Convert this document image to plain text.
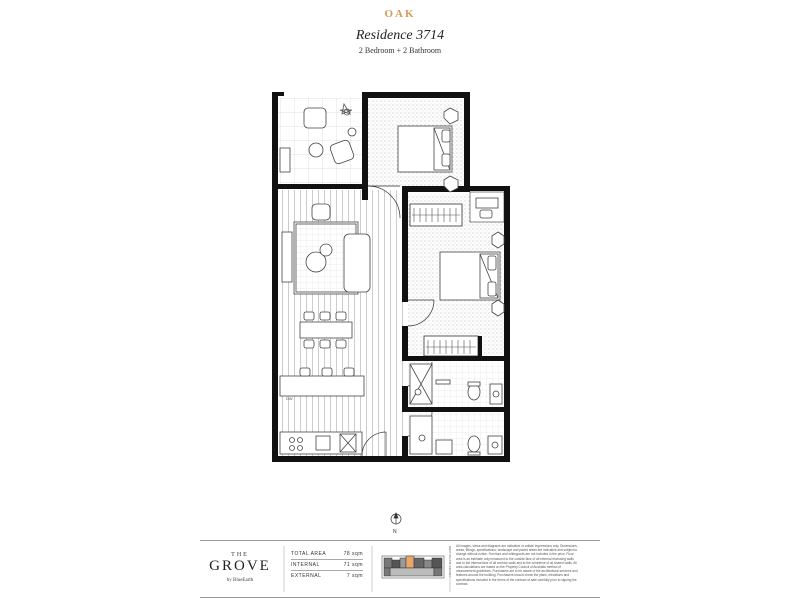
OAK
Residence 3714
2 Bedroom + 2 Bathroom
DW
N
THE
GROVE
by BlueEarth
TOTAL AREA	78 sqm
INTERNAL	71 sqm
EXTERNAL	7 sqm	KEY PLAN LEVEL All images, views and diagrams are indicative or artists' impressions only. Dimensions, areas, fittings, specifications, landscape and paved areas are indicative and subject to change without notice. Furniture and whitegoods are not included in the price. Floor area is an estimate only measured to the outside face of all external enclosing walls and to the internal face of all corridor walls and to the centreline of all shared walls. All area calculations are based on the Property Council of Australia method of measurement guidelines. Purchasers are to be aware of the architectural services and features around the building. Purchasers should check the plans, elevations and specifications included in the terms of the contract of sale carefully prior to signing the contract.
